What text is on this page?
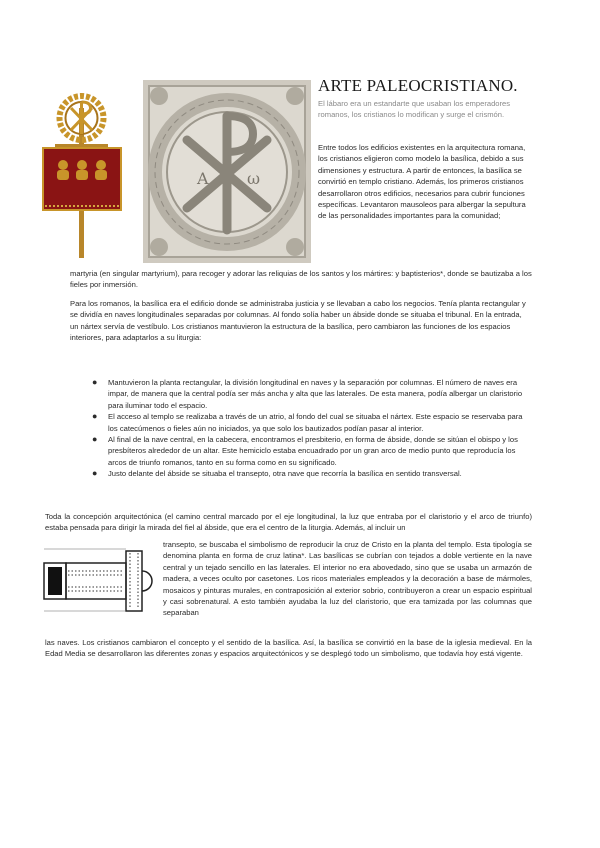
A ω
ARTE PALEOCRISTIANO.

El lábaro era un estandarte que usaban los emperadores romanos, los cristianos lo modifican y surge el crismón.

Entre todos los edificios existentes en la arquitectura romana, los cristianos eligieron como modelo la basílica, debido a sus dimensiones y estructura. A partir de entonces, la basílica se convirtió en templo cristiano. Además, los primeros cristianos desarrollaron otros edificios, necesarios para cubrir funciones específicas. Levantaron mausoleos para albergar la sepultura de las personalidades importantes para la comunidad;

martyria (en singular martyrium), para recoger y adorar las reliquias de los santos y los mártires: y baptisterios*, donde se bautizaba a los fieles por inmersión.

Para los romanos, la basílica era el edificio donde se administraba justicia y se llevaban a cabo los negocios. Tenía planta rectangular y se dividía en naves longitudinales separadas por columnas. Al fondo solía haber un ábside donde se situaba el tribunal. En la entrada, un nártex servía de vestíbulo. Los cristianos mantuvieron la estructura de la basílica, pero cambiaron las funciones de los espacios interiores, para adaptarlos a su liturgia:

● Mantuvieron la planta rectangular, la división longitudinal en naves y la separación por columnas. El número de naves era impar, de manera que la central podía ser más ancha y alta que las laterales. De esta manera, podía albergar un claristorio para iluminar todo el espacio.
● El acceso al templo se realizaba a través de un atrio, al fondo del cual se situaba el nártex. Este espacio se reservaba para los catecúmenos o fieles aún no iniciados, ya que solo los bautizados podían pasar al interior.
● Al final de la nave central, en la cabecera, encontramos el presbiterio, en forma de ábside, donde se sitúan el obispo y los presbíteros alrededor de un altar. Este hemiciclo estaba encuadrado por un gran arco de medio punto que reproducía los arcos de triunfo romanos, tanto en su forma como en su significado.
● Justo delante del ábside se situaba el transepto, otra nave que recorría la basílica en sentido transversal.

Toda la concepción arquitectónica (el camino central marcado por el eje longitudinal, la luz que entraba por el claristorio y el arco de triunfo) estaba pensada para dirigir la mirada del fiel al ábside, que era el centro de la liturgia. Además, al incluir un

transepto, se buscaba el simbolismo de reproducir la cruz de Cristo en la planta del templo. Esta tipología se denomina planta en forma de cruz latina*. Las basílicas se cubrían con tejados a doble vertiente en la nave central y un tejado sencillo en las laterales. El interior no era abovedado, sino que se usaba un armazón de madera, a veces oculto por casetones. Los ricos materiales empleados y la decoración a base de mármoles, mosaicos y pinturas murales, en contraposición al exterior sobrio, contribuyeron a crear un espacio espiritual y casi sobrenatural. A esto también ayudaba la luz del claristorio, que era tamizada por las columnas que separaban

las naves. Los cristianos cambiaron el concepto y el sentido de la basílica. Así, la basílica se convirtió en la base de la iglesia medieval. En la Edad Media se desarrollaron las diferentes zonas y espacios arquitectónicos y se desplegó todo un simbolismo, que todavía hoy está vigente.
